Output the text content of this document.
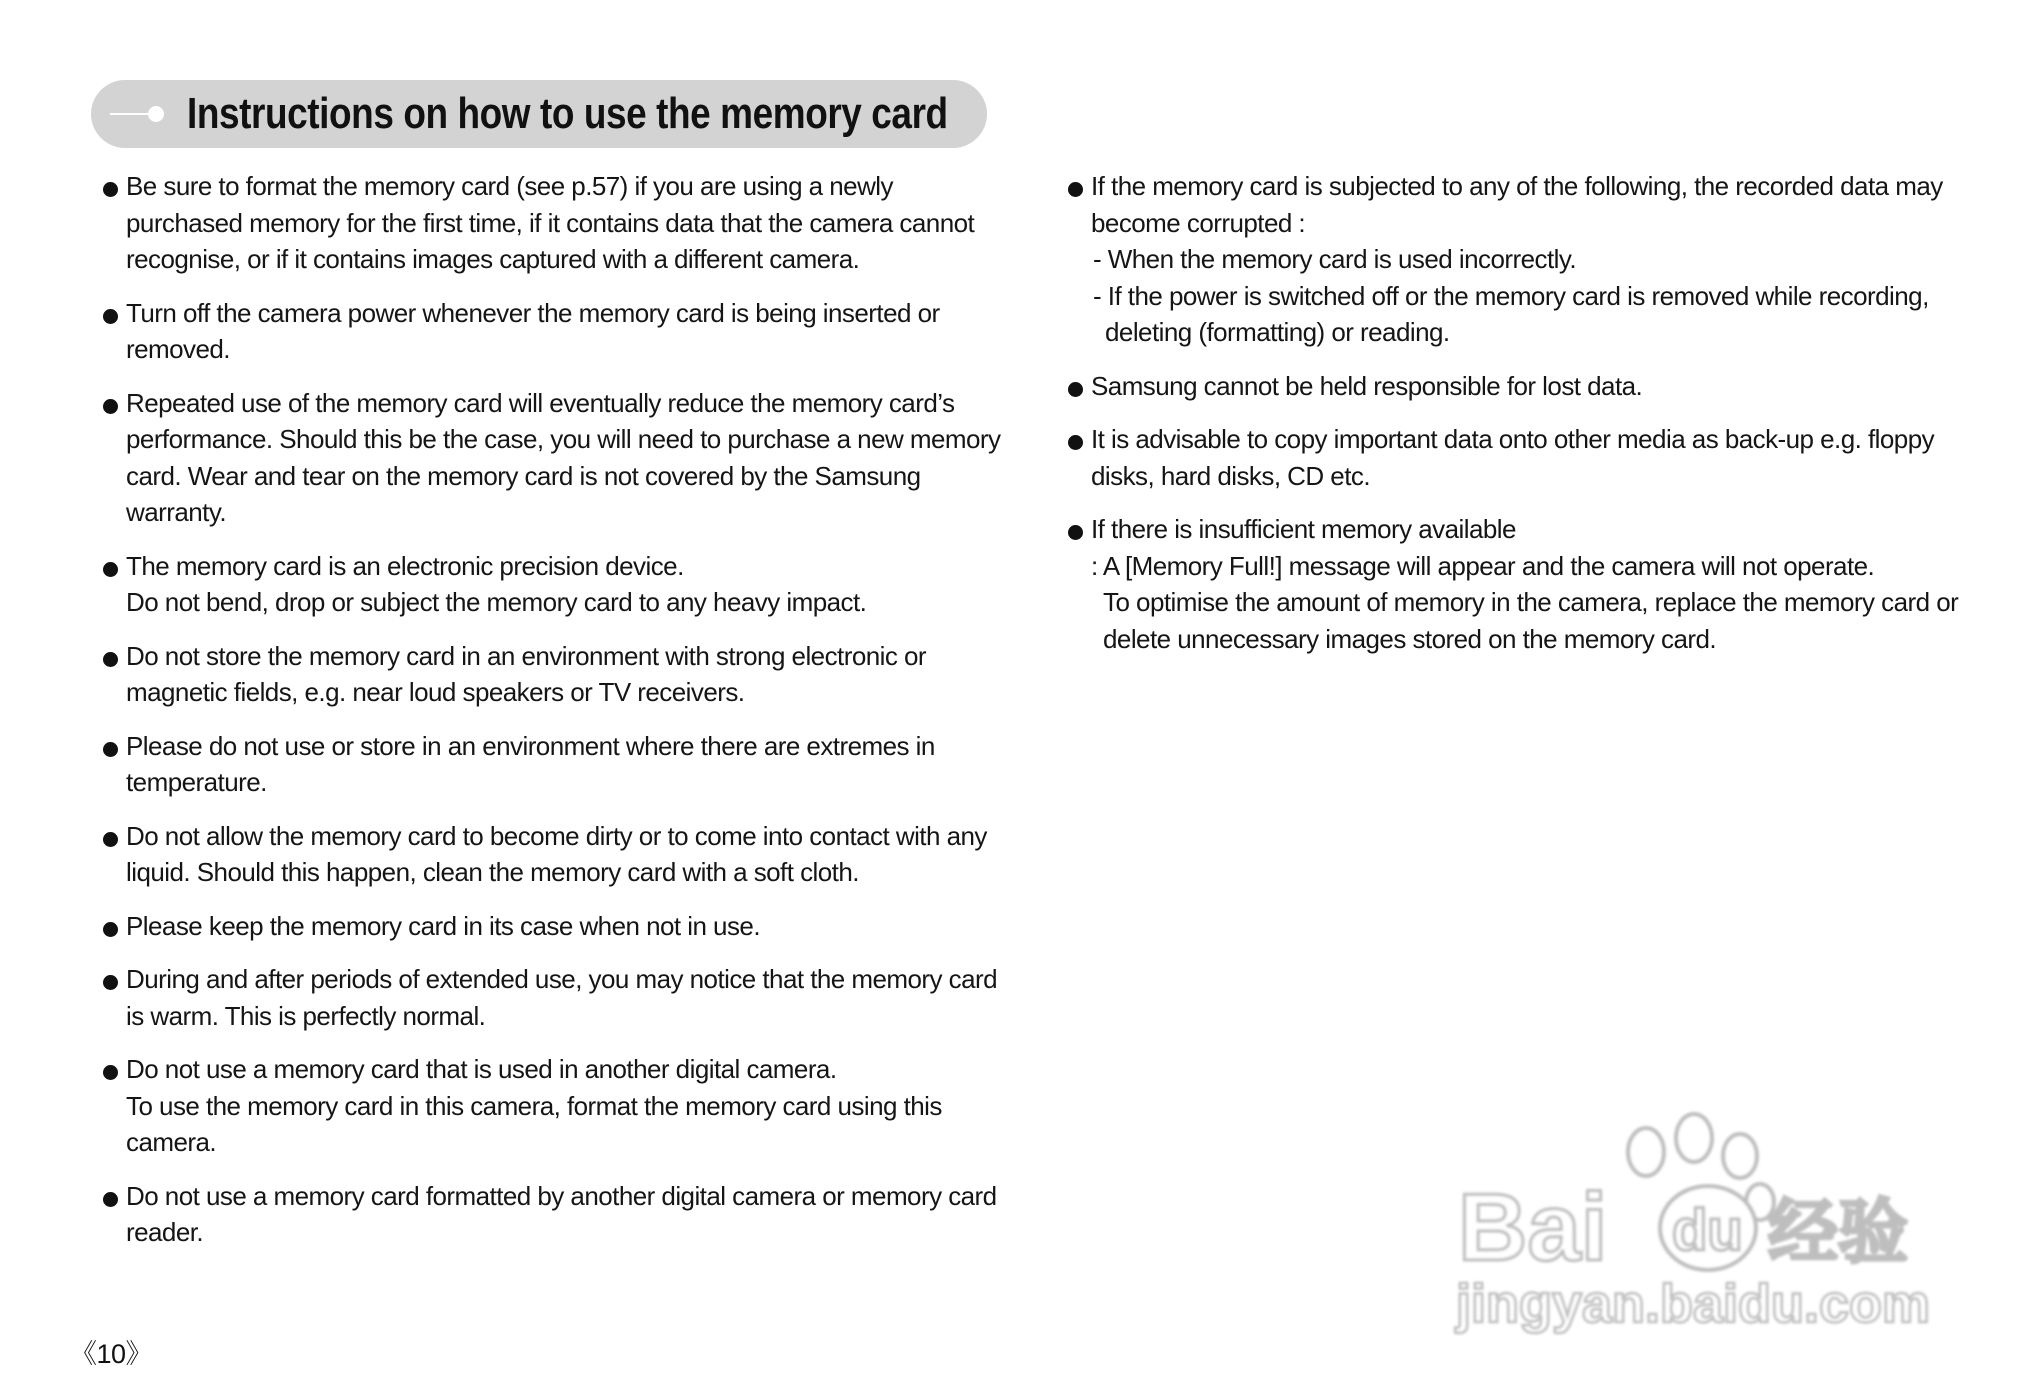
Instructions on how to use the memory card
Be sure to format the memory card (see p.57) if you are using a newly
purchased memory for the first time, if it contains data that the camera cannot
recognise, or if it contains images captured with a different camera.
Turn off the camera power whenever the memory card is being inserted or
removed.
Repeated use of the memory card will eventually reduce the memory card’s
performance. Should this be the case, you will need to purchase a new memory
card. Wear and tear on the memory card is not covered by the Samsung
warranty.
The memory card is an electronic precision device.
Do not bend, drop or subject the memory card to any heavy impact.
Do not store the memory card in an environment with strong electronic or
magnetic fields, e.g. near loud speakers or TV receivers.
Please do not use or store in an environment where there are extremes in
temperature.
Do not allow the memory card to become dirty or to come into contact with any
liquid. Should this happen, clean the memory card with a soft cloth.
Please keep the memory card in its case when not in use.
During and after periods of extended use, you may notice that the memory card
is warm. This is perfectly normal.
Do not use a memory card that is used in another digital camera.
To use the memory card in this camera, format the memory card using this
camera.
Do not use a memory card formatted by another digital camera or memory card
reader.
If the memory card is subjected to any of the following, the recorded data may
become corrupted :
- When the memory card is used incorrectly.
- If the power is switched off or the memory card is removed while recording,
deleting (formatting) or reading.
Samsung cannot be held responsible for lost data.
It is advisable to copy important data onto other media as back-up e.g. floppy
disks, hard disks, CD etc.
If there is insufficient memory available
: A [Memory Full!] message will appear and the camera will not operate.
To optimise the amount of memory in the camera, replace the memory card or
delete unnecessary images stored on the memory card.
《10》
Bai du 经验
jingyan.baidu.com
